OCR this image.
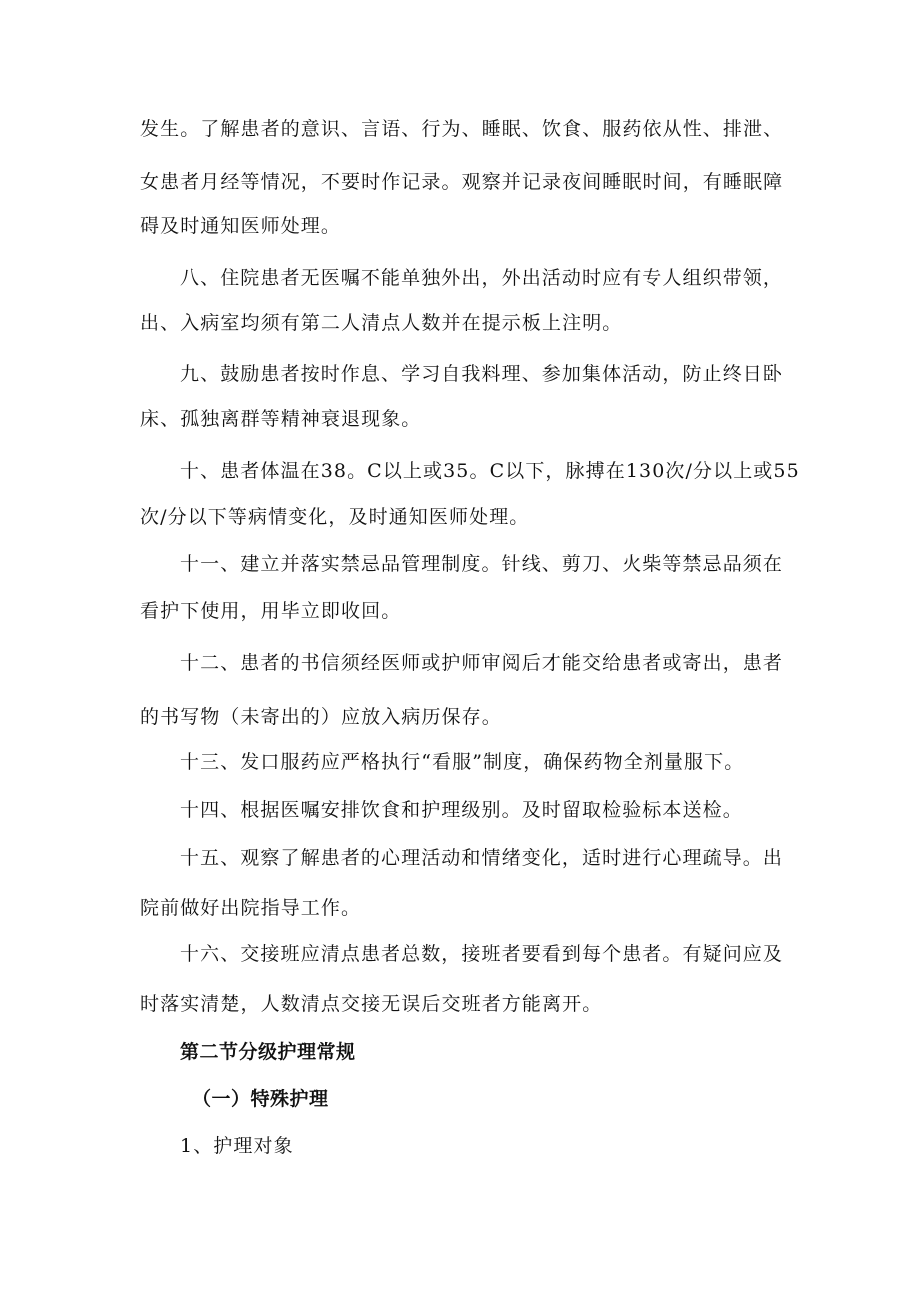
发生。了解患者的意识、言语、行为、睡眠、饮食、服药依从性、排泄、
女患者月经等情况，不要时作记录。观察并记录夜间睡眠时间，有睡眠障
碍及时通知医师处理。
八、住院患者无医嘱不能单独外出，外出活动时应有专人组织带领，
出、入病室均须有第二人清点人数并在提示板上注明。
九、鼓励患者按时作息、学习自我料理、参加集体活动，防止终日卧
床、孤独离群等精神衰退现象。
十、患者体温在38。C以上或35。C以下，脉搏在130次/分以上或55
次/分以下等病情变化，及时通知医师处理。
十一、建立并落实禁忌品管理制度。针线、剪刀、火柴等禁忌品须在
看护下使用，用毕立即收回。
十二、患者的书信须经医师或护师审阅后才能交给患者或寄出，患者
的书写物（未寄出的）应放入病历保存。
十三、发口服药应严格执行“看服”制度，确保药物全剂量服下。
十四、根据医嘱安排饮食和护理级别。及时留取检验标本送检。
十五、观察了解患者的心理活动和情绪变化，适时进行心理疏导。出
院前做好出院指导工作。
十六、交接班应清点患者总数，接班者要看到每个患者。有疑问应及
时落实清楚，人数清点交接无误后交班者方能离开。
第二节分级护理常规
（一）特殊护理
1、护理对象
